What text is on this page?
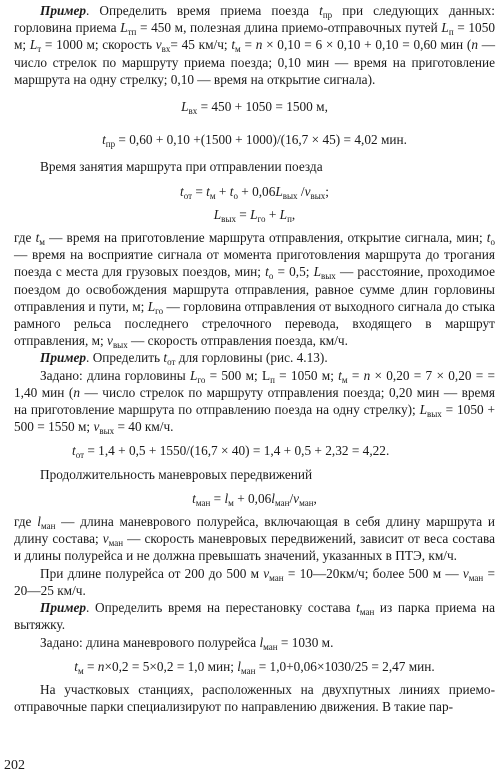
Пример. Определить время приема поезда $t_{пр}$ при следующих данных: горловина приема $L_{тп} = 450$ м, полезная длина приемо-отправочных путей $L_п = 1050$ м; $L_т = 1000$ м; скорость $v_{вх}= 45$ км/ч; $t_м = n \times 0,10 = 6 \times 0,10 + 0,10 = 0,60$ мин (n — число стрелок по маршруту приема поезда; 0,10 мин — время на приготовление маршрута на одну стрелку; 0,10 — время на открытие сигнала).

$L_{вх} = 450 + 1050 = 1500$ м,
$t_{пр} = 0,60 + 0,10 +(1500 + 1000)/(16,7 \times 45) = 4,02$ мин.

Время занятия маршрута при отправлении поезда

$t_{от} = t_м + t_о + 0,06L_{вых}$ $/v_{вых}$;
$L_{вых} = L_{го} + L_п$,

где $t_м$ — время на приготовление маршрута отправления, открытие сигнала, мин; $t_о$ — время на восприятие сигнала от момента приготовления маршрута до трогания поезда с места для грузовых поездов, мин; $t_о = 0,5$; $L_{вых}$ — расстояние, проходимое поездом до освобождения маршрута отправления, равное сумме длин горловины отправления и пути, м; $L_{го}$ — горловина отправления от выходного сигнала до стыка рамного рельса последнего стрелочного перевода, входящего в маршрут отправления, м; $v_{вых}$ — скорость отправления поезда, км/ч.

Пример. Определить $t_{от}$ для горловины (рис. 4.13).

Задано: длина горловины $L_{го} = 500$ м; $L_п = 1050$ м; $t_м = n \times 0,20 = 7 \times 0,20$ = = 1,40 мин (n — число стрелок по маршруту отправления поезда; 0,20 мин — время на приготовление маршрута по отправлению поезда на одну стрелку); $L_{вых} = 1050 + 500 = 1550$ м; $v_{вых} = 40$ км/ч.

$t_{от} = 1,4 + 0,5 + 1550/(16,7 \times 40) = 1,4 + 0,5 + 2,32 = 4,22$.

Продолжительность маневровых передвижений

$t_{ман} = l_м + 0,06l_{ман}/v_{ман}$,

где $l_{ман}$ — длина маневрового полурейса, включающая в себя длину маршрута и длину состава; $v_{ман}$ — скорость маневровых передвижений, зависит от веса состава и длины полурейса и не должна превышать значений, указанных в ПТЭ, км/ч.

При длине полурейса от 200 до 500 м $v_{ман}$ = 10—20км/ч; более 500 м — $v_{ман}$ = 20—25 км/ч.

Пример. Определить время на перестановку состава $t_{ман}$ из парка приема на вытяжку.

Задано: длина маневрового полурейса $l_{ман} = 1030$ м.

$t_м = n\times 0,2 = 5\times 0,2 = 1,0$ мин; $l_{ман} = 1,0+0,06\times 1030/25 = 2,47$ мин.

На участковых станциях, расположенных на двухпутных линиях приемо-отправочные парки специализируют по направлению движения. В такие пар-

202
